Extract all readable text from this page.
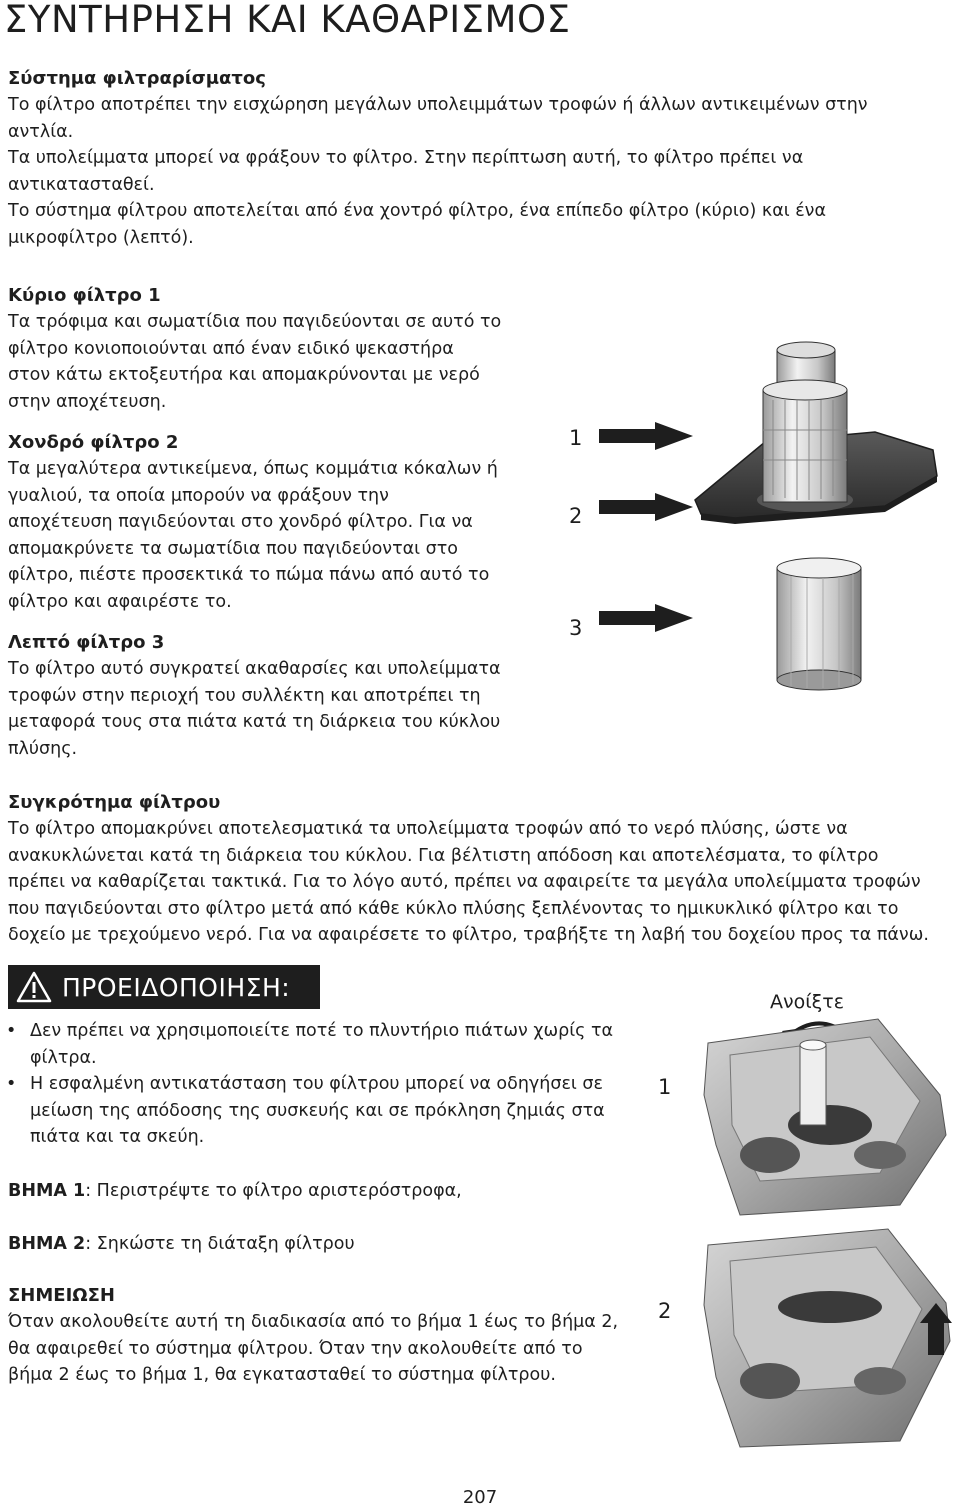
ΣΥΝΤΗΡΗΣΗ ΚΑΙ ΚΑΘΑΡΙΣΜΟΣ
Σύστημα φιλτραρίσματος
Το φίλτρο αποτρέπει την εισχώρηση μεγάλων υπολειμμάτων τροφών ή άλλων αντικειμένων στην
αντλία.
Τα υπολείμματα μπορεί να φράξουν το φίλτρο. Στην περίπτωση αυτή, το φίλτρο πρέπει να
αντικατασταθεί.
Το σύστημα φίλτρου αποτελείται από ένα χοντρό φίλτρο, ένα επίπεδο φίλτρο (κύριο) και ένα
μικροφίλτρο (λεπτό).
Κύριο φίλτρο 1
Τα τρόφιμα και σωματίδια που παγιδεύονται σε αυτό το
φίλτρο κονιοποιούνται από έναν ειδικό ψεκαστήρα
στον κάτω εκτοξευτήρα και απομακρύνονται με νερό
στην αποχέτευση.
Χονδρό φίλτρο 2
Τα μεγαλύτερα αντικείμενα, όπως κομμάτια κόκαλων ή
γυαλιού, τα οποία μπορούν να φράξουν την
αποχέτευση παγιδεύονται στο χονδρό φίλτρο. Για να
απομακρύνετε τα σωματίδια που παγιδεύονται στο
φίλτρο, πιέστε προσεκτικά το πώμα πάνω από αυτό το
φίλτρο και αφαιρέστε το.
Λεπτό φίλτρο 3
Το φίλτρο αυτό συγκρατεί ακαθαρσίες και υπολείμματα
τροφών στην περιοχή του συλλέκτη και αποτρέπει τη
μεταφορά τους στα πιάτα κατά τη διάρκεια του κύκλου
πλύσης.
1
2
3
Συγκρότημα φίλτρου
Το φίλτρο απομακρύνει αποτελεσματικά τα υπολείμματα τροφών από το νερό πλύσης, ώστε να
ανακυκλώνεται κατά τη διάρκεια του κύκλου. Για βέλτιστη απόδοση και αποτελέσματα, το φίλτρο
πρέπει να καθαρίζεται τακτικά. Για το λόγο αυτό, πρέπει να αφαιρείτε τα μεγάλα υπολείμματα τροφών
που παγιδεύονται στο φίλτρο μετά από κάθε κύκλο πλύσης ξεπλένοντας το ημικυκλικό φίλτρο και το
δοχείο με τρεχούμενο νερό. Για να αφαιρέσετε το φίλτρο, τραβήξτε τη λαβή του δοχείου προς τα πάνω.
ΠΡΟΕΙΔΟΠΟΙΗΣΗ:
• Δεν πρέπει να χρησιμοποιείτε ποτέ το πλυντήριο πιάτων χωρίς τα
φίλτρα.
• Η εσφαλμένη αντικατάσταση του φίλτρου μπορεί να οδηγήσει σε
μείωση της απόδοσης της συσκευής και σε πρόκληση ζημιάς στα
πιάτα και τα σκεύη.
ΒΗΜΑ 1: Περιστρέψτε το φίλτρο αριστερόστροφα,
ΒΗΜΑ 2: Σηκώστε τη διάταξη φίλτρου
ΣΗΜΕΙΩΣΗ
Όταν ακολουθείτε αυτή τη διαδικασία από το βήμα 1 έως το βήμα 2,
θα αφαιρεθεί το σύστημα φίλτρου. Όταν την ακολουθείτε από το
βήμα 2 έως το βήμα 1, θα εγκατασταθεί το σύστημα φίλτρου.
Ανοίξτε
1
2
207
